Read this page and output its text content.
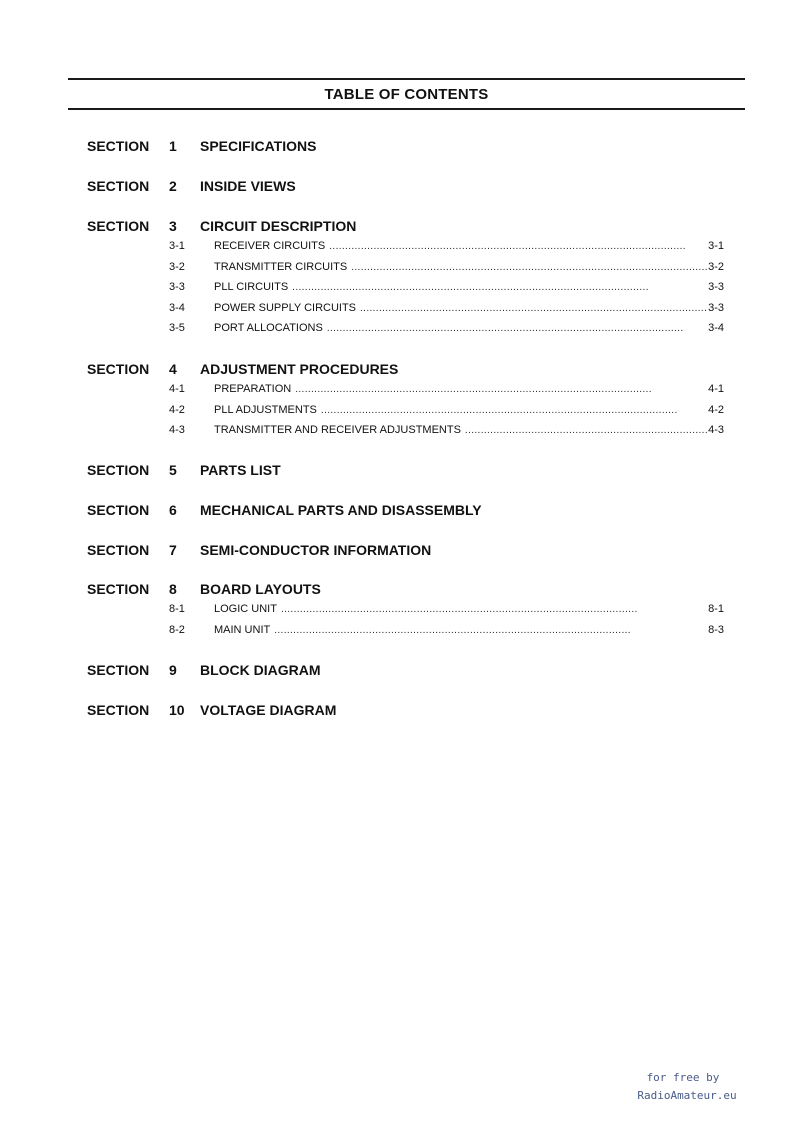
TABLE OF CONTENTS
SECTION 1 SPECIFICATIONS
SECTION 2 INSIDE VIEWS
SECTION 3 CIRCUIT DESCRIPTION
3-1	RECEIVER CIRCUITS . . .	3-1
3-2	TRANSMITTER CIRCUITS . . .	3-2
3-3	PLL CIRCUITS . . .	3-3
3-4	POWER SUPPLY CIRCUITS . . .	3-3
3-5	PORT ALLOCATIONS . . .	3-4
SECTION 4 ADJUSTMENT PROCEDURES
4-1	PREPARATION . . .	4-1
4-2	PLL ADJUSTMENTS . . .	4-2
4-3	TRANSMITTER AND RECEIVER ADJUSTMENTS . . .	4-3
SECTION 5 PARTS LIST
SECTION 6 MECHANICAL PARTS AND DISASSEMBLY
SECTION 7 SEMI-CONDUCTOR INFORMATION
SECTION 8 BOARD LAYOUTS
8-1	LOGIC UNIT . . .	8-1
8-2	MAIN UNIT . . .	8-3
SECTION 9 BLOCK DIAGRAM
SECTION 10 VOLTAGE DIAGRAM
for free by
RadioAmateur.eu
